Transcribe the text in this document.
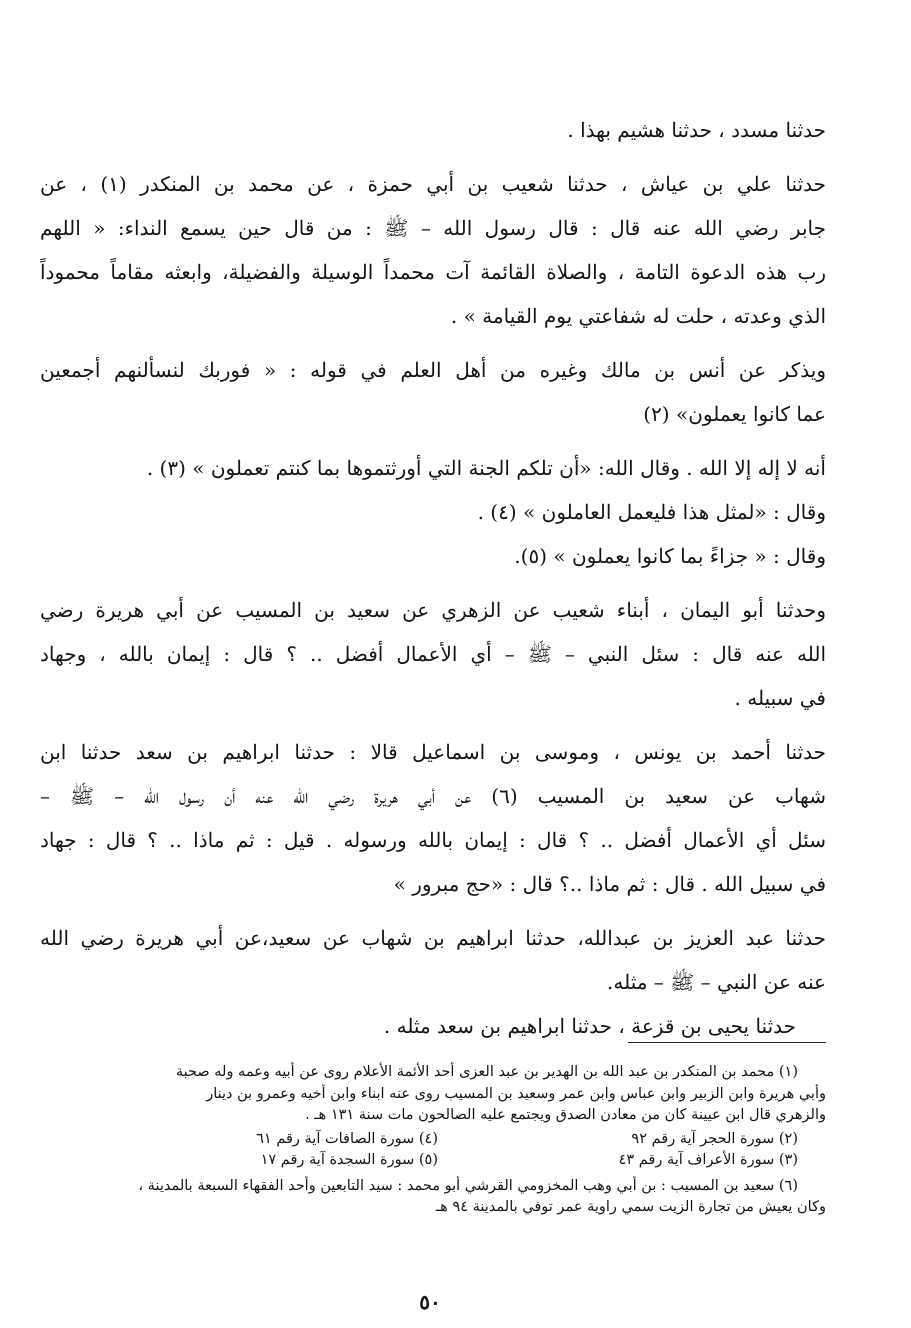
حدثنا مسدد ، حدثنا هشيم بهذا .

حدثنا علي بن عياش ، حدثنا شعيب بن أبي حمزة ، عن محمد بن المنكدر (١) ، عن
جابر رضي الله عنه قال : قال رسول الله – ﷺ : من قال حين يسمع النداء: « اللهم
رب هذه الدعوة التامة ، والصلاة القائمة آت محمداً الوسيلة والفضيلة، وابعثه مقاماً محموداً
الذي وعدته ، حلت له شفاعتي يوم القيامة » .

ويذكر عن أنس بن مالك وغيره من أهل العلم في قوله : « فوربك لنسألنهم أجمعين
عما كانوا يعملون» (٢)

أنه لا إله إلا الله . وقال الله: «أن تلكم الجنة التي أورثتموها بما كنتم تعملون » (٣) .
وقال : «لمثل هذا فليعمل العاملون » (٤) .
وقال : « جزاءً بما كانوا يعملون » (٥).

وحدثنا أبو اليمان ، أبناء شعيب عن الزهري عن سعيد بن المسيب عن أبي هريرة رضي
الله عنه قال : سئل النبي – ﷺ – أي الأعمال أفضل .. ؟ قال : إيمان بالله ، وجهاد
في سبيله .

حدثنا أحمد بن يونس ، وموسى بن اسماعيل قالا : حدثنا ابراهيم بن سعد حدثنا ابن
شهاب عن سعيد بن المسيب (٦) عن أبي هريرة رضي الله عنه أن رسول الله – ﷺ –
سئل أي الأعمال أفضل .. ؟ قال : إيمان بالله ورسوله . قيل : ثم ماذا .. ؟ قال : جهاد
في سبيل الله . قال : ثم ماذا ..؟ قال : «حج مبرور »

حدثنا عبد العزيز بن عبدالله، حدثنا ابراهيم بن شهاب عن سعيد،عن أبي هريرة رضي الله
عنه عن النبي – ﷺ – مثله.
حدثنا يحيى بن قزعة ، حدثنا ابراهيم بن سعد مثله .

(١) محمد بن المنكدر بن عبد الله بن الهدير بن عبد العزى أحد الأئمة الأعلام روى عن أبيه وعمه وله صحبة
وأبي هريرة وابن الزبير وابن عباس وابن عمر وسعيد بن المسيب روى عنه ابناء وابن أخيه وعمرو بن دينار
والزهري قال ابن عيينة كان من معادن الصدق ويجتمع عليه الصالحون مات سنة ١٣١ هـ .
(٢) سورة الحجر آية رقم ٩٢
(٤) سورة الصافات آية رقم ٦١
(٣) سورة الأعراف آية رقم ٤٣
(٥) سورة السجدة آية رقم ١٧
(٦) سعيد بن المسيب : بن أبي وهب المخزومي القرشي أبو محمد : سيد التابعين وأحد الفقهاء السبعة بالمدينة ،
وكان يعيش من تجارة الزيت سمي راوية عمر توفي بالمدينة ٩٤ هـ
٥٠
